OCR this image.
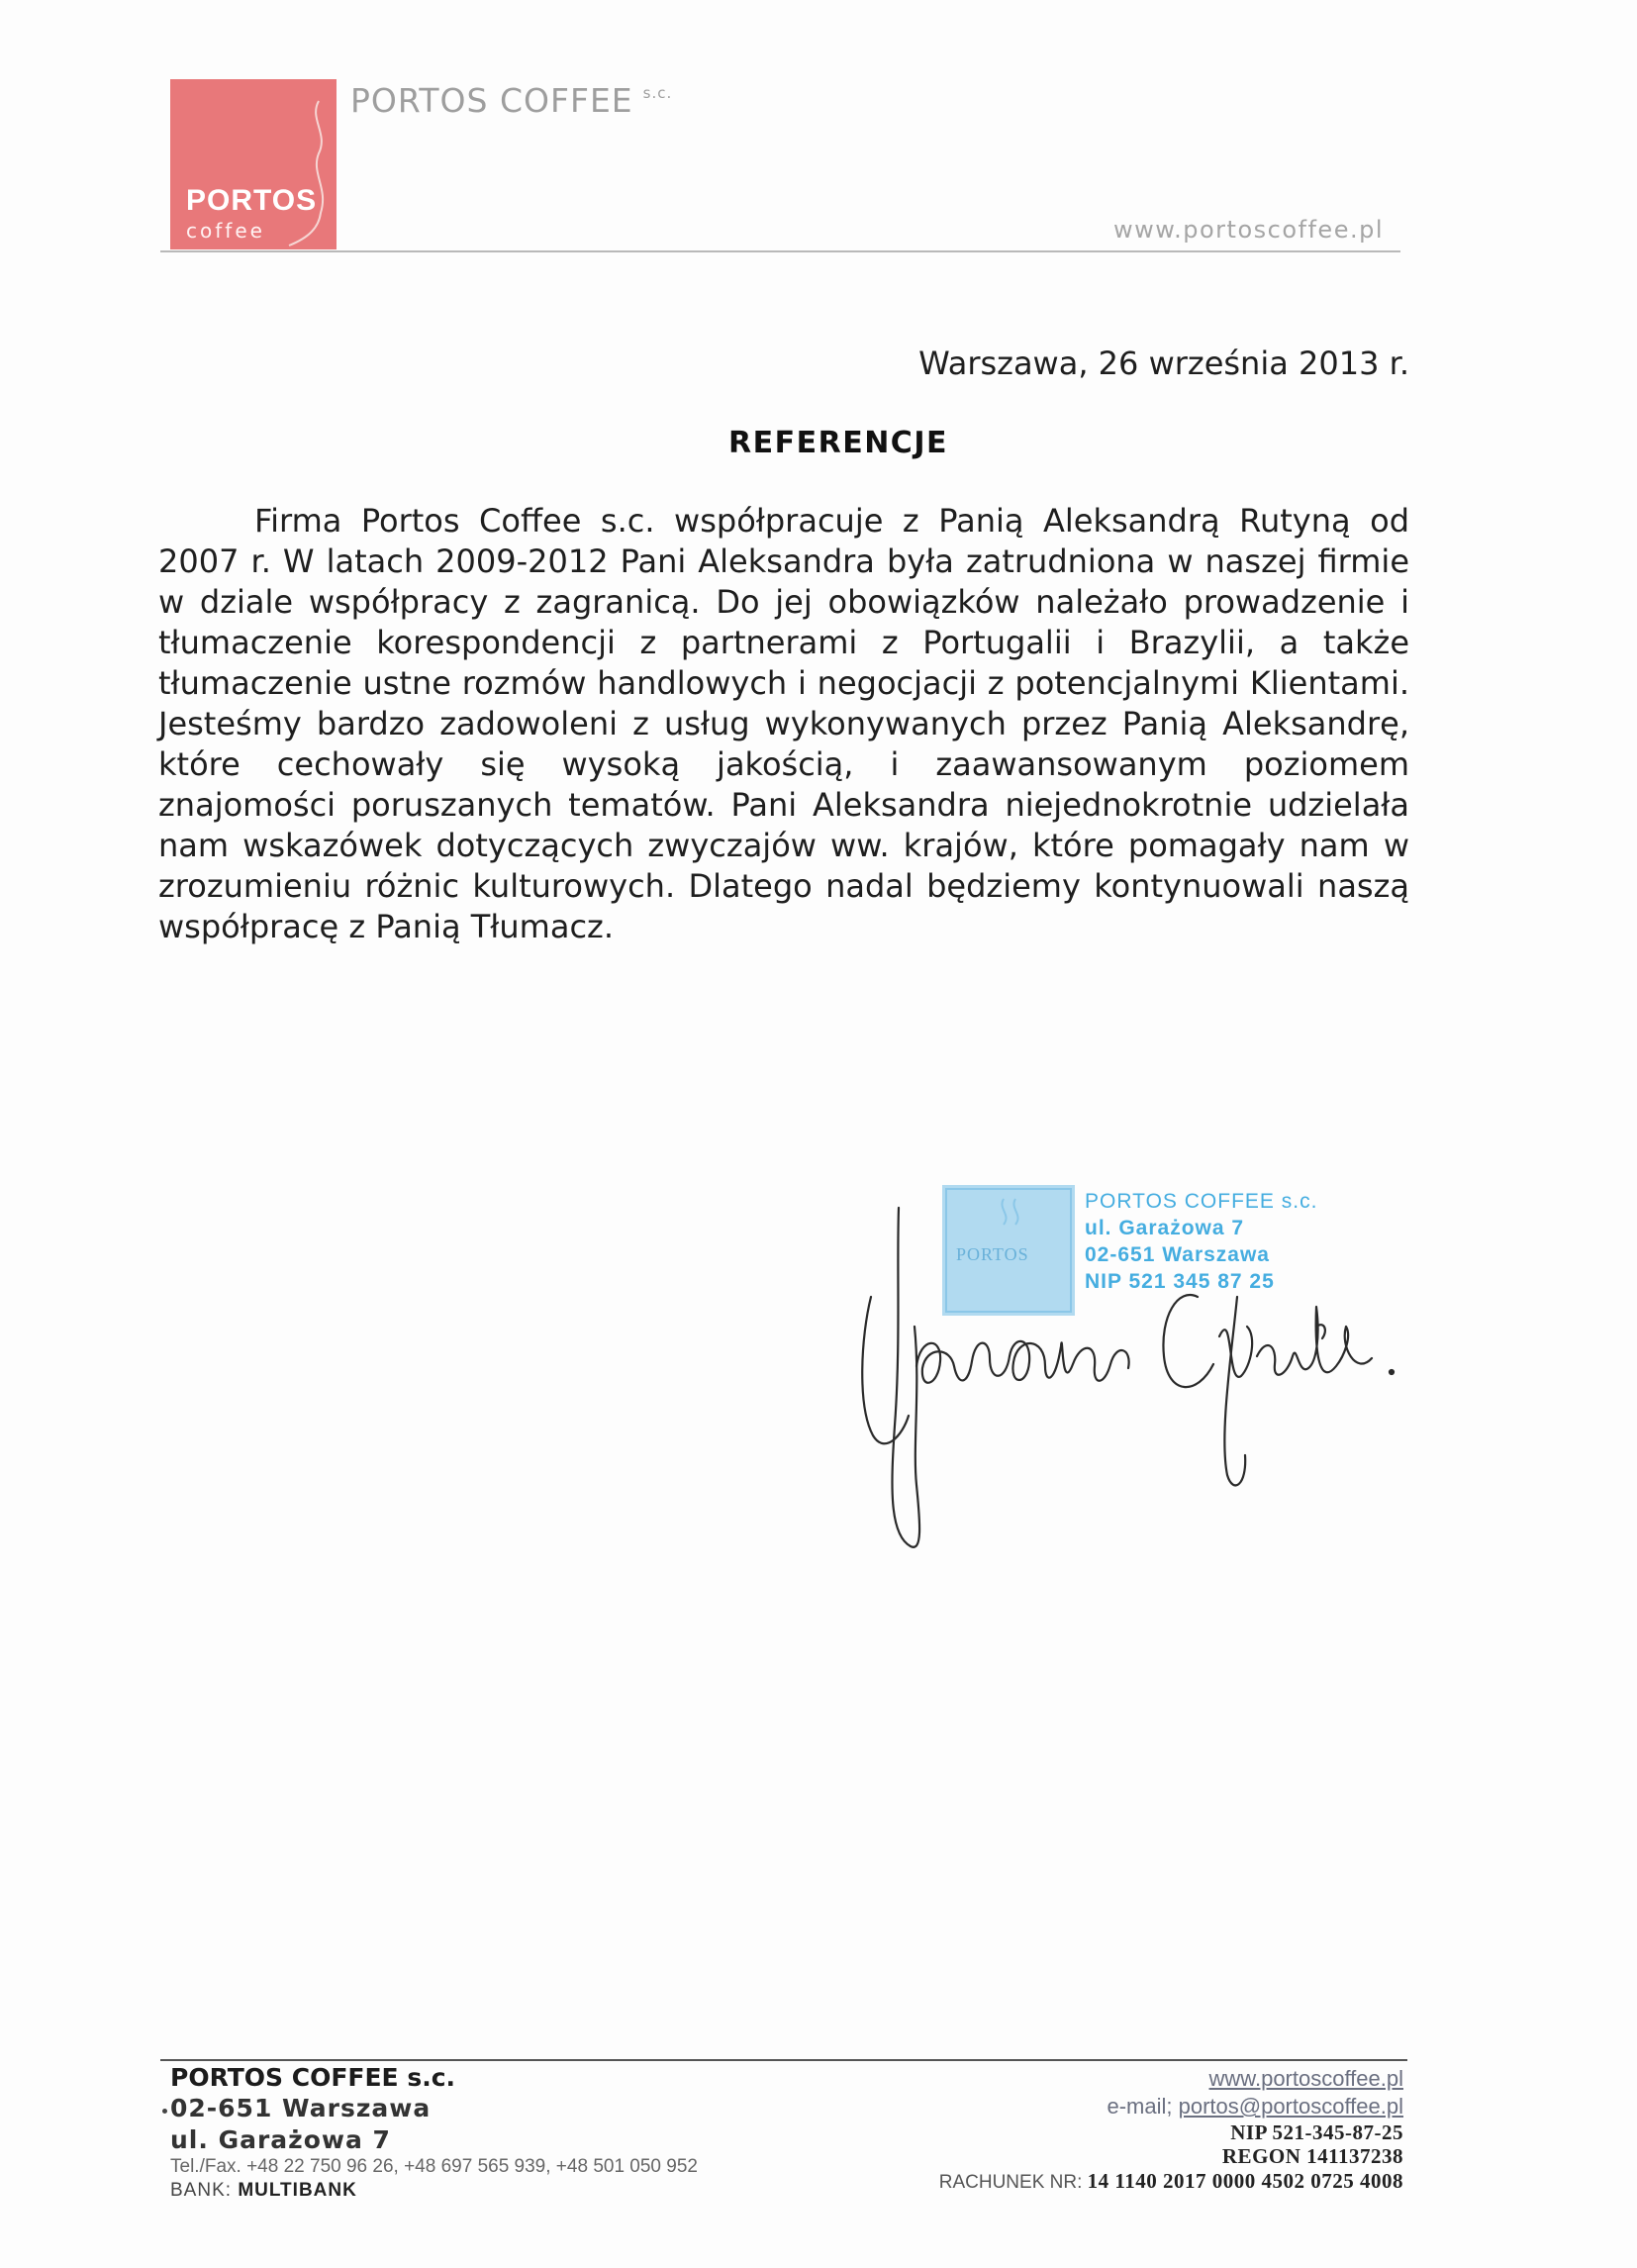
PORTOS
coffee
PORTOS COFFEE $^{s.c.}$
www.portoscoffee.pl
Warszawa, 26 września 2013 r.
REFERENCJE
Firma Portos Coffee s.c. współpracuje z Panią Aleksandrą Rutyną od 2007 r. W latach 2009-2012 Pani Aleksandra była zatrudniona w naszej firmie w dziale współpracy z zagranicą. Do jej obowiązków należało prowadzenie i tłumaczenie korespondencji z partnerami z Portugalii i Brazylii, a także tłumaczenie ustne rozmów handlowych i negocjacji z potencjalnymi Klientami. Jesteśmy bardzo zadowoleni z usług wykonywanych przez Panią Aleksandrę, które cechowały się wysoką jakością, i zaawansowanym poziomem znajomości poruszanych tematów. Pani Aleksandra niejednokrotnie udzielała nam wskazówek dotyczących zwyczajów ww. krajów, które pomagały nam w zrozumieniu różnic kulturowych. Dlatego nadal będziemy kontynuowali naszą współpracę z Panią Tłumacz.
PORTOS
PORTOS COFFEE s.c.
ul. Garażowa 7
02-651 Warszawa
NIP 521 345 87 25
PORTOS COFFEE s.c.
02-651 Warszawa
ul. Garażowa 7
Tel./Fax. +48 22 750 96 26, +48 697 565 939, +48 501 050 952
BANK: MULTIBANK
www.portoscoffee.pl
e-mail; portos@portoscoffee.pl
NIP 521-345-87-25
REGON 141137238
RACHUNEK NR: 14 1140 2017 0000 4502 0725 4008
